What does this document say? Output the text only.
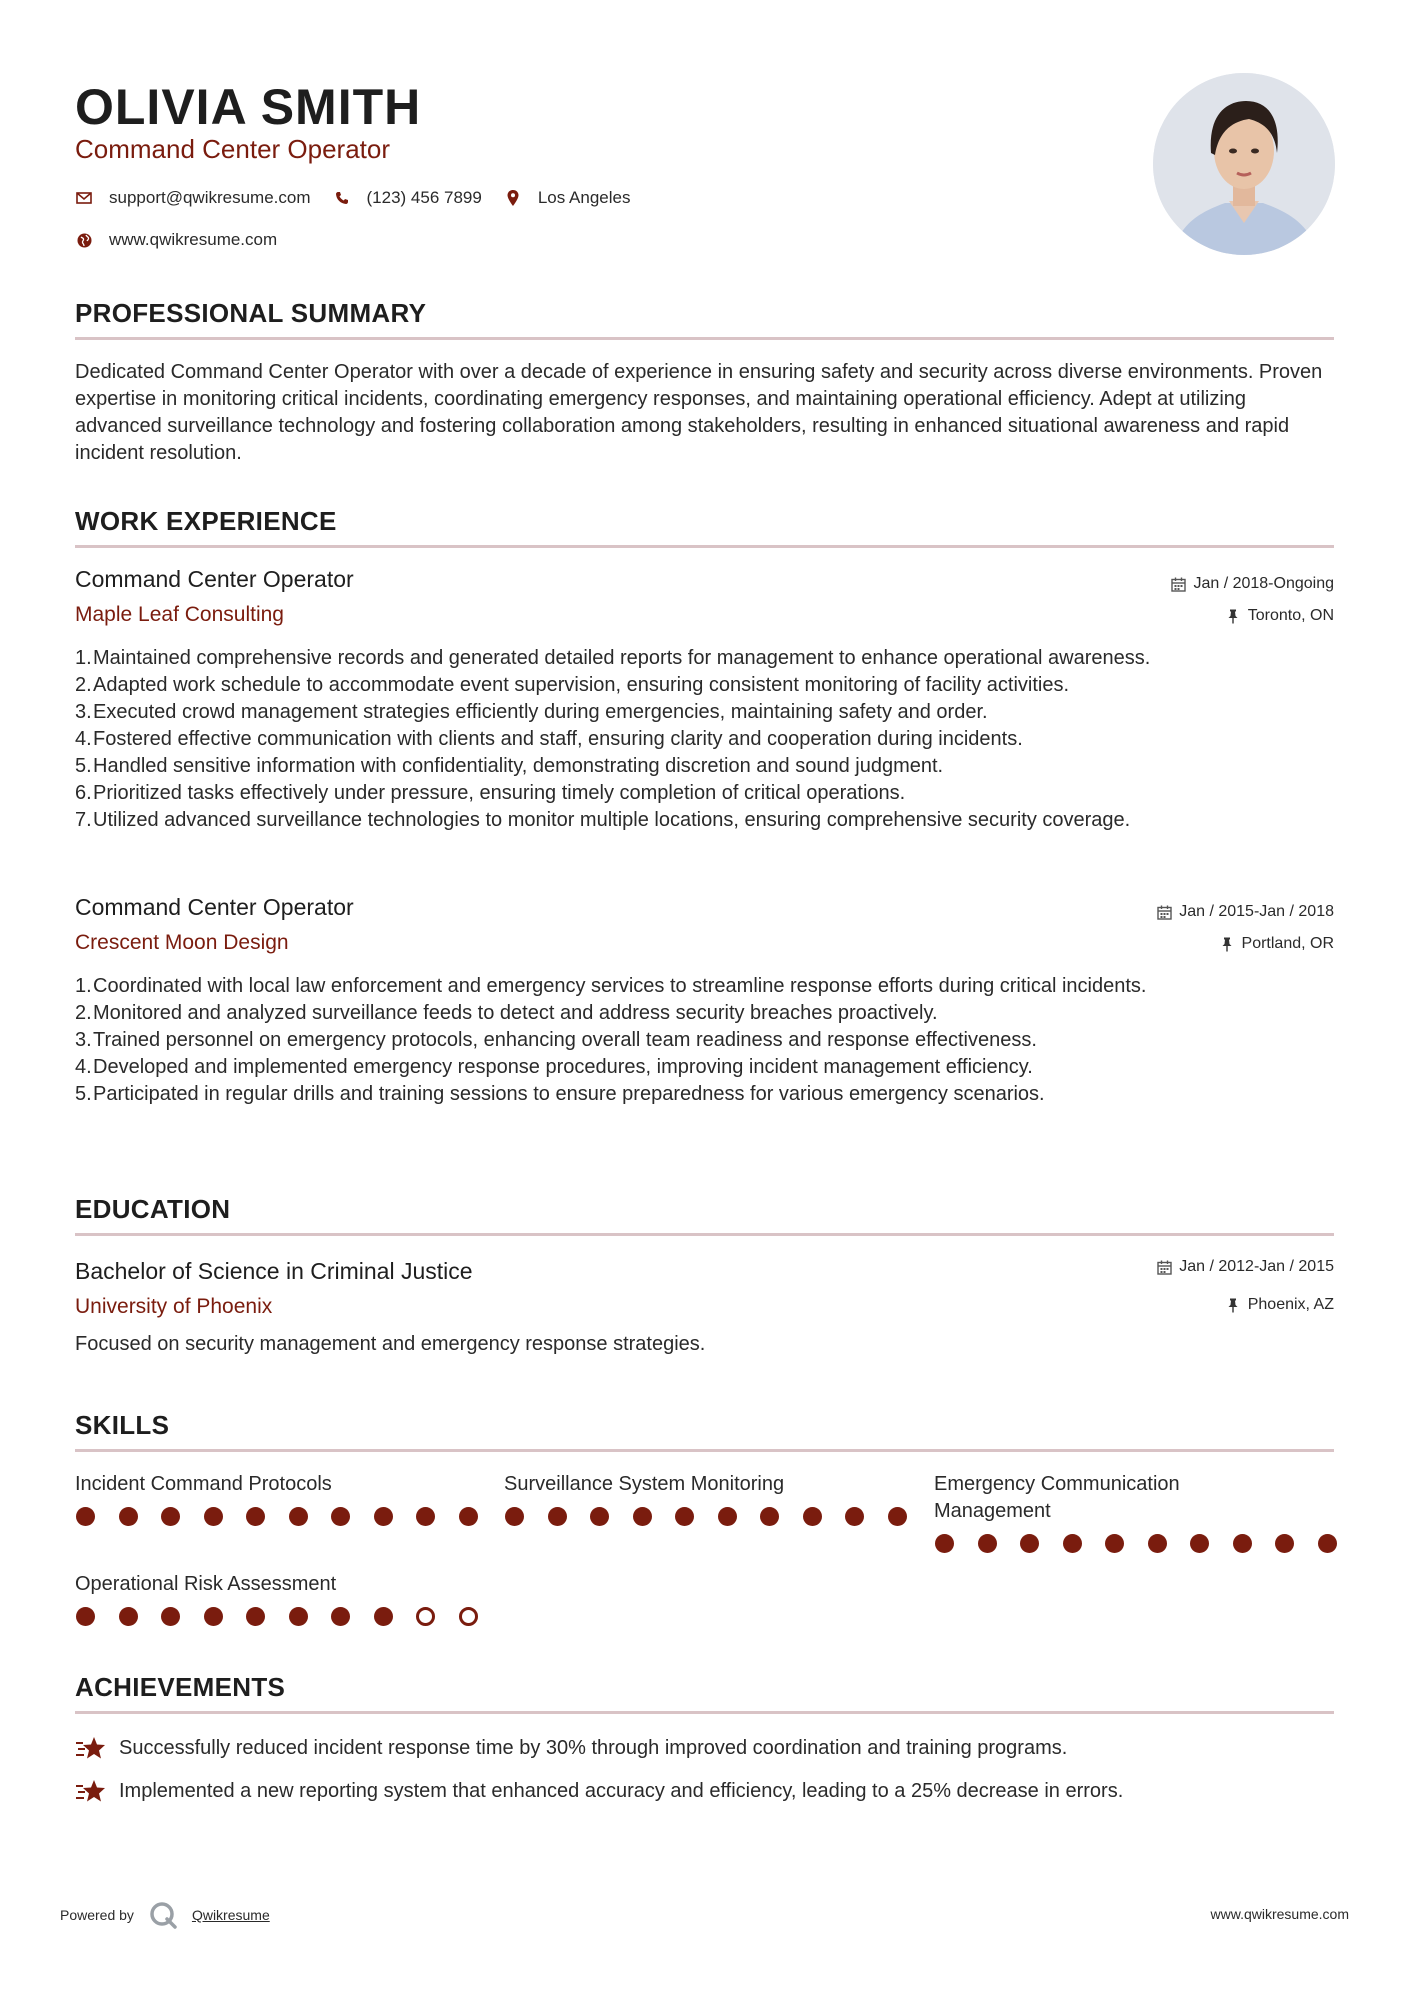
OLIVIA SMITH
Command Center Operator
support@qwikresume.com	(123) 456 7899	Los Angeles
www.qwikresume.com
PROFESSIONAL SUMMARY
Dedicated Command Center Operator with over a decade of experience in ensuring safety and security across diverse environments. Proven expertise in monitoring critical incidents, coordinating emergency responses, and maintaining operational efficiency. Adept at utilizing advanced surveillance technology and fostering collaboration among stakeholders, resulting in enhanced situational awareness and rapid incident resolution.
WORK EXPERIENCE
Command Center Operator	Jan / 2018-Ongoing
Maple Leaf Consulting	Toronto, ON
1. Maintained comprehensive records and generated detailed reports for management to enhance operational awareness.
2. Adapted work schedule to accommodate event supervision, ensuring consistent monitoring of facility activities.
3. Executed crowd management strategies efficiently during emergencies, maintaining safety and order.
4. Fostered effective communication with clients and staff, ensuring clarity and cooperation during incidents.
5. Handled sensitive information with confidentiality, demonstrating discretion and sound judgment.
6. Prioritized tasks effectively under pressure, ensuring timely completion of critical operations.
7. Utilized advanced surveillance technologies to monitor multiple locations, ensuring comprehensive security coverage.
Command Center Operator	Jan / 2015-Jan / 2018
Crescent Moon Design	Portland, OR
1. Coordinated with local law enforcement and emergency services to streamline response efforts during critical incidents.
2. Monitored and analyzed surveillance feeds to detect and address security breaches proactively.
3. Trained personnel on emergency protocols, enhancing overall team readiness and response effectiveness.
4. Developed and implemented emergency response procedures, improving incident management efficiency.
5. Participated in regular drills and training sessions to ensure preparedness for various emergency scenarios.
EDUCATION
Bachelor of Science in Criminal Justice	Jan / 2012-Jan / 2015
University of Phoenix	Phoenix, AZ
Focused on security management and emergency response strategies.
SKILLS
Incident Command Protocols	Surveillance System Monitoring	Emergency Communication Management
Operational Risk Assessment
ACHIEVEMENTS
Successfully reduced incident response time by 30% through improved coordination and training programs.
Implemented a new reporting system that enhanced accuracy and efficiency, leading to a 25% decrease in errors.
Powered by	Qwikresume	www.qwikresume.com
